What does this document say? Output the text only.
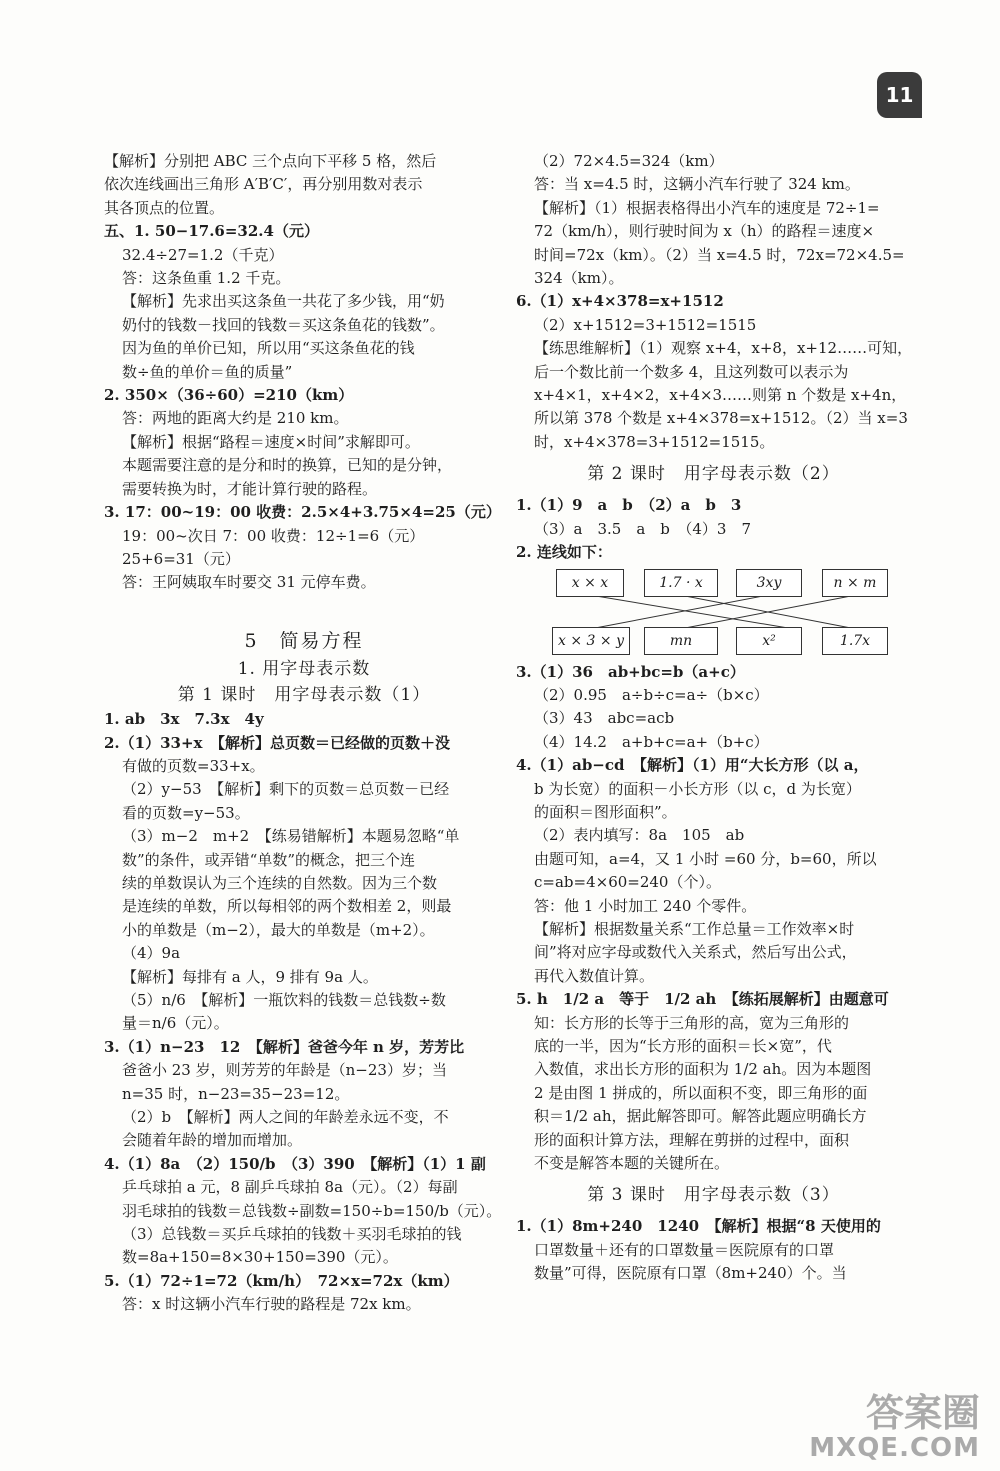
11
【解析】分别把 ABC 三个点向下平移 5 格，然后
依次连线画出三角形 A′B′C′，再分别用数对表示
其各顶点的位置。
五、1. 50−17.6=32.4（元）
32.4÷27=1.2（千克）
答：这条鱼重 1.2 千克。
【解析】先求出买这条鱼一共花了多少钱，用“奶
奶付的钱数－找回的钱数＝买这条鱼花的钱数”。
因为鱼的单价已知，所以用“买这条鱼花的钱
数÷鱼的单价＝鱼的质量”
2. 350×（36÷60）=210（km）
答：两地的距离大约是 210 km。
【解析】根据“路程＝速度×时间”求解即可。
本题需要注意的是分和时的换算，已知的是分钟，
需要转换为时，才能计算行驶的路程。
3. 17：00~19：00 收费：2.5×4+3.75×4=25（元）
19：00~次日 7：00 收费：12÷1=6（元）
25+6=31（元）
答：王阿姨取车时要交 31 元停车费。
5　简易方程
1. 用字母表示数
第 1 课时　用字母表示数（1）
1. ab　3x　7.3x　4y
2.（1）33+x　【解析】总页数＝已经做的页数＋没
有做的页数=33+x。
（2）y−53　【解析】剩下的页数＝总页数－已经
看的页数=y−53。
（3）m−2　m+2　【练易错解析】本题易忽略“单
数”的条件，或弄错“单数”的概念，把三个连
续的单数误认为三个连续的自然数。因为三个数
是连续的单数，所以每相邻的两个数相差 2，则最
小的单数是（m−2），最大的单数是（m+2）。
（4）9a
【解析】每排有 a 人，9 排有 9a 人。
（5）n/6　【解析】一瓶饮料的钱数＝总钱数÷数
量＝n/6（元）。
3.（1）n−23　12　【解析】爸爸今年 n 岁，芳芳比
爸爸小 23 岁，则芳芳的年龄是（n−23）岁；当
n=35 时，n−23=35−23=12。
（2）b　【解析】两人之间的年龄差永远不变，不
会随着年龄的增加而增加。
4.（1）8a　（2）150/b　（3）390　【解析】（1）1 副
乒乓球拍 a 元，8 副乒乓球拍 8a（元）。（2）每副
羽毛球拍的钱数＝总钱数÷副数=150÷b=150/b（元）。
（3）总钱数＝买乒乓球拍的钱数＋买羽毛球拍的钱
数=8a+150=8×30+150=390（元）。
5.（1）72÷1=72（km/h）　72×x=72x（km）
答：x 时这辆小汽车行驶的路程是 72x km。
（2）72×4.5=324（km）
答：当 x=4.5 时，这辆小汽车行驶了 324 km。
【解析】（1）根据表格得出小汽车的速度是 72÷1=
72（km/h），则行驶时间为 x（h）的路程＝速度×
时间=72x（km）。（2）当 x=4.5 时，72x=72×4.5=
324（km）。
6.（1）x+4×378=x+1512
（2）x+1512=3+1512=1515
【练思维解析】（1）观察 x+4，x+8，x+12……可知，
后一个数比前一个数多 4，且这列数可以表示为
x+4×1，x+4×2，x+4×3……则第 n 个数是 x+4n，
所以第 378 个数是 x+4×378=x+1512。（2）当 x=3
时，x+4×378=3+1512=1515。
第 2 课时　用字母表示数（2）
1.（1）9　a　b　（2）a　b　3
（3）a　3.5　a　b　（4）3　7
2. 连线如下：
x × x	1.7 · x	3xy	n × m
x × 3 × y	mn	x²	1.7x
3.（1）36　ab+bc=b（a+c）
（2）0.95　a÷b÷c=a÷（b×c）
（3）43　abc=acb
（4）14.2　a+b+c=a+（b+c）
4.（1）ab−cd　【解析】（1）用“大长方形（以 a，
b 为长宽）的面积－小长方形（以 c，d 为长宽）
的面积＝图形面积”。
（2）表内填写：8a　105　ab
由题可知，a=4，又 1 小时 =60 分，b=60，所以
c=ab=4×60=240（个）。
答：他 1 小时加工 240 个零件。
【解析】根据数量关系“工作总量＝工作效率×时
间”将对应字母或数代入关系式，然后写出公式，
再代入数值计算。
5. h　1/2 a　等于　1/2 ah　【练拓展解析】由题意可
知：长方形的长等于三角形的高，宽为三角形的
底的一半，因为“长方形的面积＝长×宽”，代
入数值，求出长方形的面积为 1/2 ah。因为本题图
2 是由图 1 拼成的，所以面积不变，即三角形的面
积＝1/2 ah，据此解答即可。解答此题应明确长方
形的面积计算方法，理解在剪拼的过程中，面积
不变是解答本题的关键所在。
第 3 课时　用字母表示数（3）
1.（1）8m+240　1240　【解析】根据“8 天使用的
口罩数量＋还有的口罩数量＝医院原有的口罩
数量”可得，医院原有口罩（8m+240）个。当
答案圈
MXQE.COM
